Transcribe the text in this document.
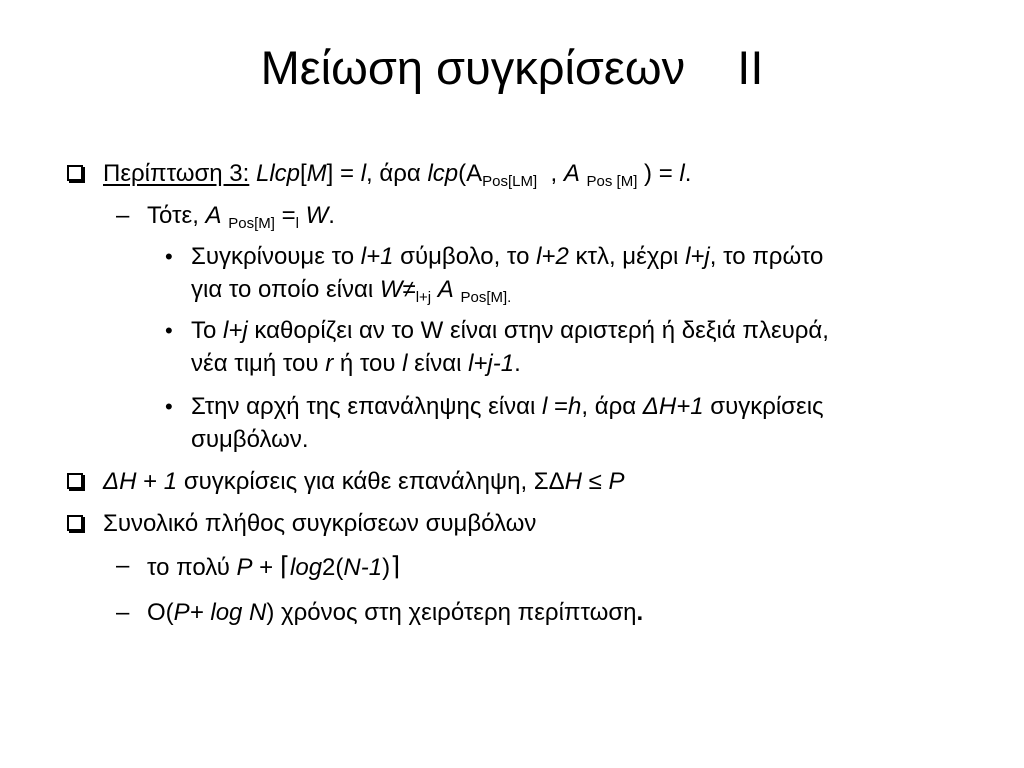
Μείωση συγκρίσεων    ΙΙ
Περίπτωση 3: Llcp[M] = l, άρα $lcp(A_{Pos[LM]}$  , A $_{Pos [M]}$ ) = l.
– Τότε, A $_{Pos[M]} =_l$ W.
• Συγκρίνουμε το l+1 σύμβολο, το l+2 κτλ, μέχρι l+j, το πρώτο
για το οποίο είναι $W\ne_{l+j}$ A $_{Pos[M].}$
• Το l+j καθορίζει αν το W είναι στην αριστερή ή δεξιά πλευρά,
νέα τιμή του r ή του l είναι l+j-1.
• Στην αρχή της επανάληψης είναι l =h, άρα ΔΗ+1 συγκρίσεις
συμβόλων.
ΔΗ + 1 συγκρίσεις για κάθε επανάληψη, ΣΔΗ ≤ P
Συνολικό πλήθος συγκρίσεων συμβόλων
– το πολύ P + ⌈log2(N-1)⌉
– O(P+ log N) χρόνος στη χειρότερη περίπτωση.
